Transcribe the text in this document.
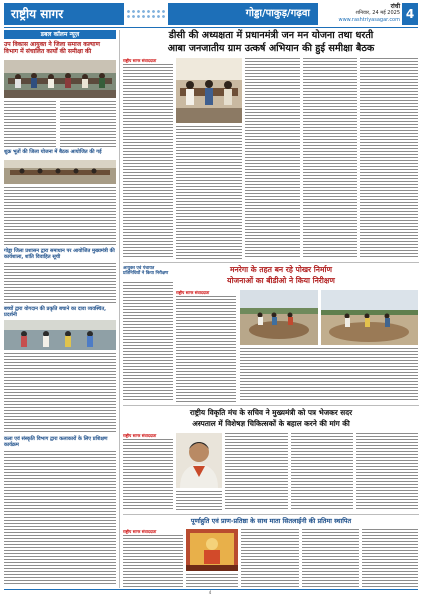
राष्ट्रीय सागर	गोड्डा/पाकुड़/गढ़वा
रांची
शनिवार, 24 मई 2025
www.rashtriyasagar.com 4
डबल कॉलम न्यूज़
उप विकास आयुक्त ने जिला समाज कल्याण विभाग में संचालित कार्यों की समीक्षा की
शुक्र भूतों की जिला योजना में बैठक आयोजित की गई
गोड्डा जिला प्रशासन द्वारा समाधान पर आयोजित मुख्यमंत्री की कार्यशाला, शांति विवाहित सूची
बच्चों द्वारा योगदान की प्रकृति बचाने का दावा व्यवस्थित, प्रदर्शनी
कला एवं संस्कृति विभाग द्वारा कलाकारों के लिए प्रशिक्षण कार्यक्रम
डीसी की अध्यक्षता में प्रधानमंत्री जन मन योजना तथा धरती
आबा जनजातीय ग्राम उत्कर्ष अभियान की हुई समीक्षा बैठक
राष्ट्रीय सागर संवाददाता
मनरेगा के तहत बन रहे पोखर निर्माण
योजनाओं का बीडीओ ने किया निरीक्षण
आयुक्त एवं पंचायत प्रतिनिधियों ने किया निरीक्षण
राष्ट्रीय सागर संवाददाता
राष्ट्रीय विकृति मंच के सचिव ने मुख्यमंत्री को पत्र भेजकर सदर
अस्पताल में विशेषज्ञ चिकित्सकों के बहाल करने की मांग की
राष्ट्रीय सागर संवाददाता
पूर्णाहुति एवं प्राण-प्रतिष्ठा के साथ माता सितलाईनी की प्रतिमा स्थापित
राष्ट्रीय सागर संवाददाता
4
